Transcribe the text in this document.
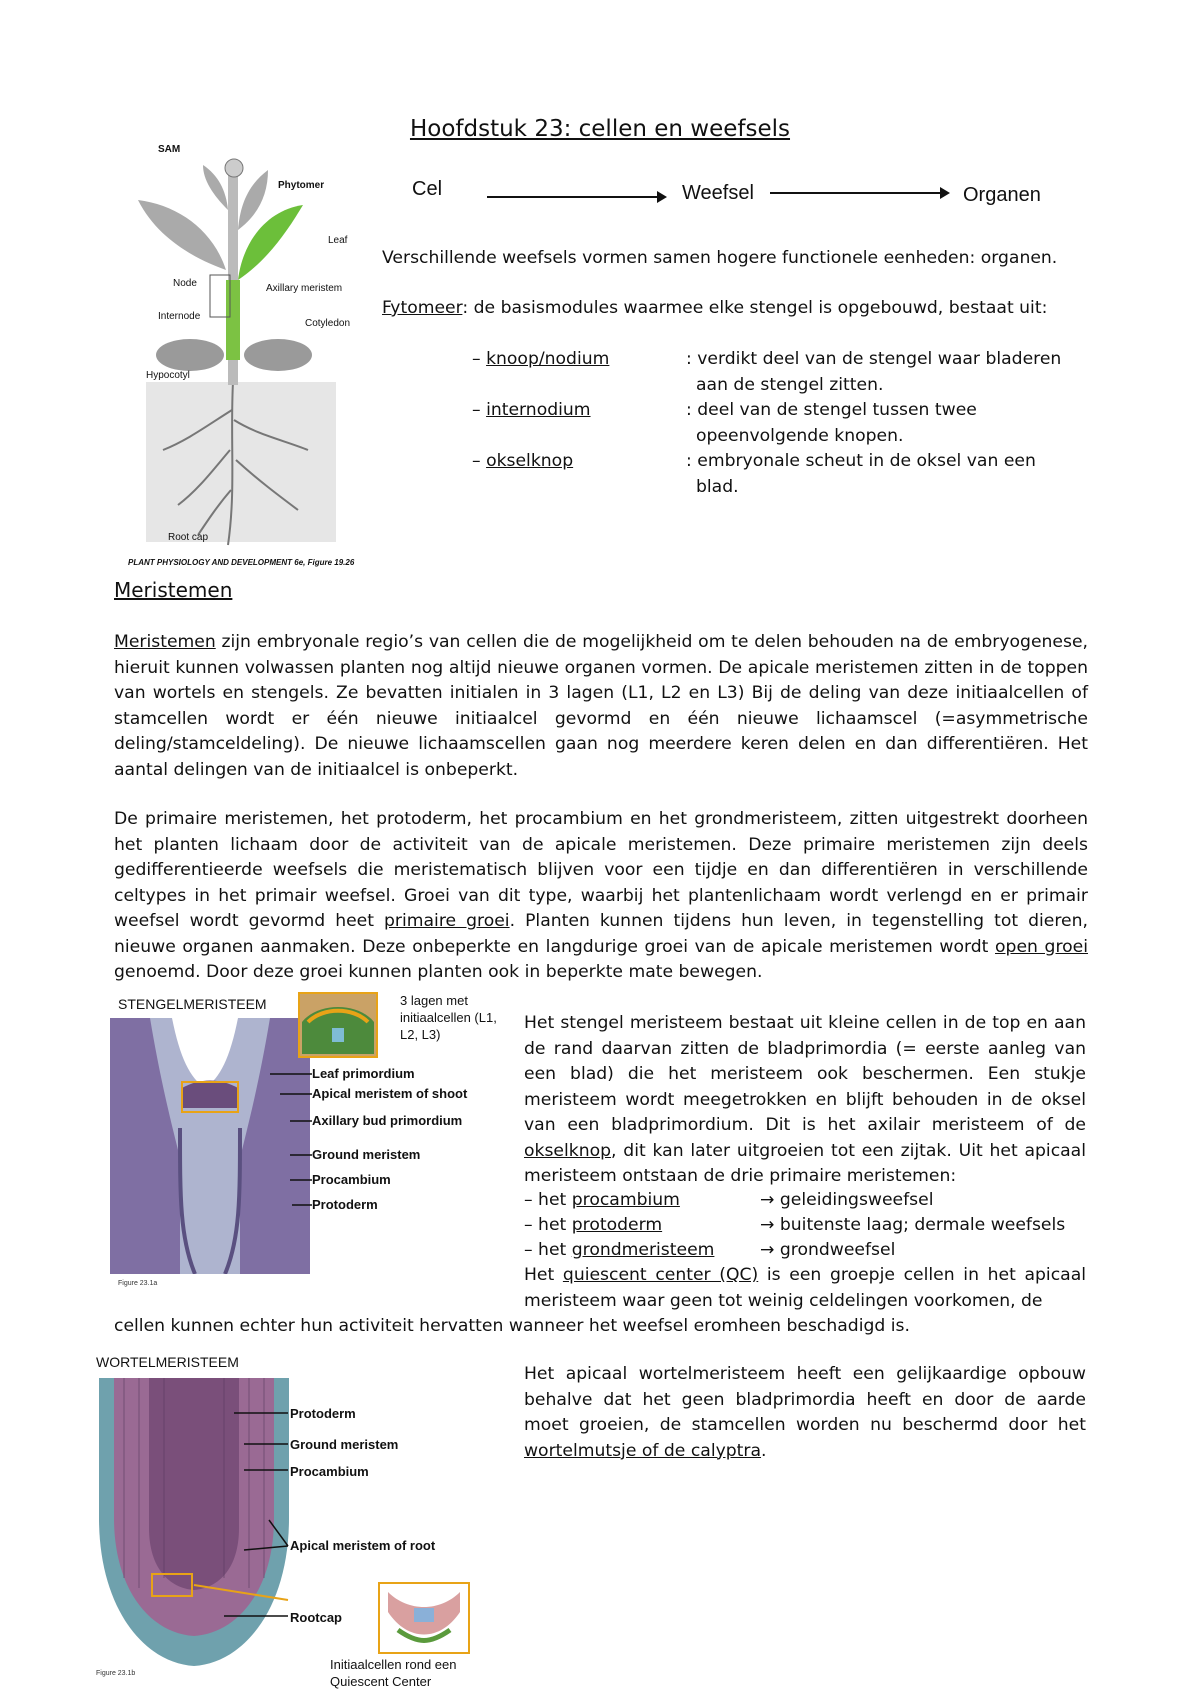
Hoofdstuk 23: cellen en weefsels
Cel	Weefsel	Organen
SAM
Phytomer
Leaf
Node	Axillary meristem
Internode
Cotyledon
Hypocotyl
Root cap
PLANT PHYSIOLOGY AND DEVELOPMENT 6e, Figure 19.26
Verschillende weefsels vormen samen hogere functionele eenheden: organen.
Fytomeer: de basismodules waarmee elke stengel is opgebouwd, bestaat uit:
– knoop/nodium	: verdikt deel van de stengel waar bladeren
aan de stengel zitten.
– internodium	: deel van de stengel tussen twee
opeenvolgende knopen.
– okselknop	: embryonale scheut in de oksel van een
blad.
Meristemen
Meristemen zijn embryonale regio’s van cellen die de mogelijkheid om te delen behouden na de embryogenese, hieruit kunnen volwassen planten nog altijd nieuwe organen vormen. De apicale meristemen zitten in de toppen van wortels en stengels. Ze bevatten initialen in 3 lagen (L1, L2 en L3) Bij de deling van deze initiaalcellen of stamcellen wordt er één nieuwe initiaalcel gevormd en één nieuwe lichaamscel (=asymmetrische deling/stamceldeling). De nieuwe lichaamscellen gaan nog meerdere keren delen en dan differentiëren. Het aantal delingen van de initiaalcel is onbeperkt.
De primaire meristemen, het protoderm, het procambium en het grondmeristeem, zitten uitgestrekt doorheen het planten lichaam door de activiteit van de apicale meristemen. Deze primaire meristemen zijn deels gedifferentieerde weefsels die meristematisch blijven voor een tijdje en dan differentiëren in verschillende celtypes in het primair weefsel. Groei van dit type, waarbij het plantenlichaam wordt verlengd en er primair weefsel wordt gevormd heet primaire groei. Planten kunnen tijdens hun leven, in tegenstelling tot dieren, nieuwe organen aanmaken. Deze onbeperkte en langdurige groei van de apicale meristemen wordt open groei genoemd. Door deze groei kunnen planten ook in beperkte mate bewegen.
STENGELMERISTEEM	3 lagen met initiaalcellen (L1, L2, L3)
Leaf primordium
Apical meristem of shoot
Axillary bud primordium
Ground meristem
Procambium
Protoderm
Figure 23.1a
Het stengel meristeem bestaat uit kleine cellen in de top en aan de rand daarvan zitten de bladprimordia (= eerste aanleg van een blad) die het meristeem ook beschermen. Een stukje meristeem wordt meegetrokken en blijft behouden in de oksel van een bladprimordium. Dit is het axilair meristeem of de okselknop, dit kan later uitgroeien tot een zijtak. Uit het apicaal meristeem ontstaan de drie primaire meristemen:
– het procambium	→ geleidingsweefsel
– het protoderm	→ buitenste laag; dermale weefsels
– het grondmeristeem	→ grondweefsel
Het quiescent center (QC) is een groepje cellen in het apicaal meristeem waar geen tot weinig celdelingen voorkomen, de
cellen kunnen echter hun activiteit hervatten wanneer het weefsel eromheen beschadigd is.
WORTELMERISTEEM
Protoderm
Ground meristem
Procambium
Apical meristem of root
Rootcap
Initiaalcellen rond een Quiescent Center
Figure 23.1b
Het apicaal wortelmeristeem heeft een gelijkaardige opbouw behalve dat het geen bladprimordia heeft en door de aarde moet groeien, de stamcellen worden nu beschermd door het wortelmutsje of de calyptra.
